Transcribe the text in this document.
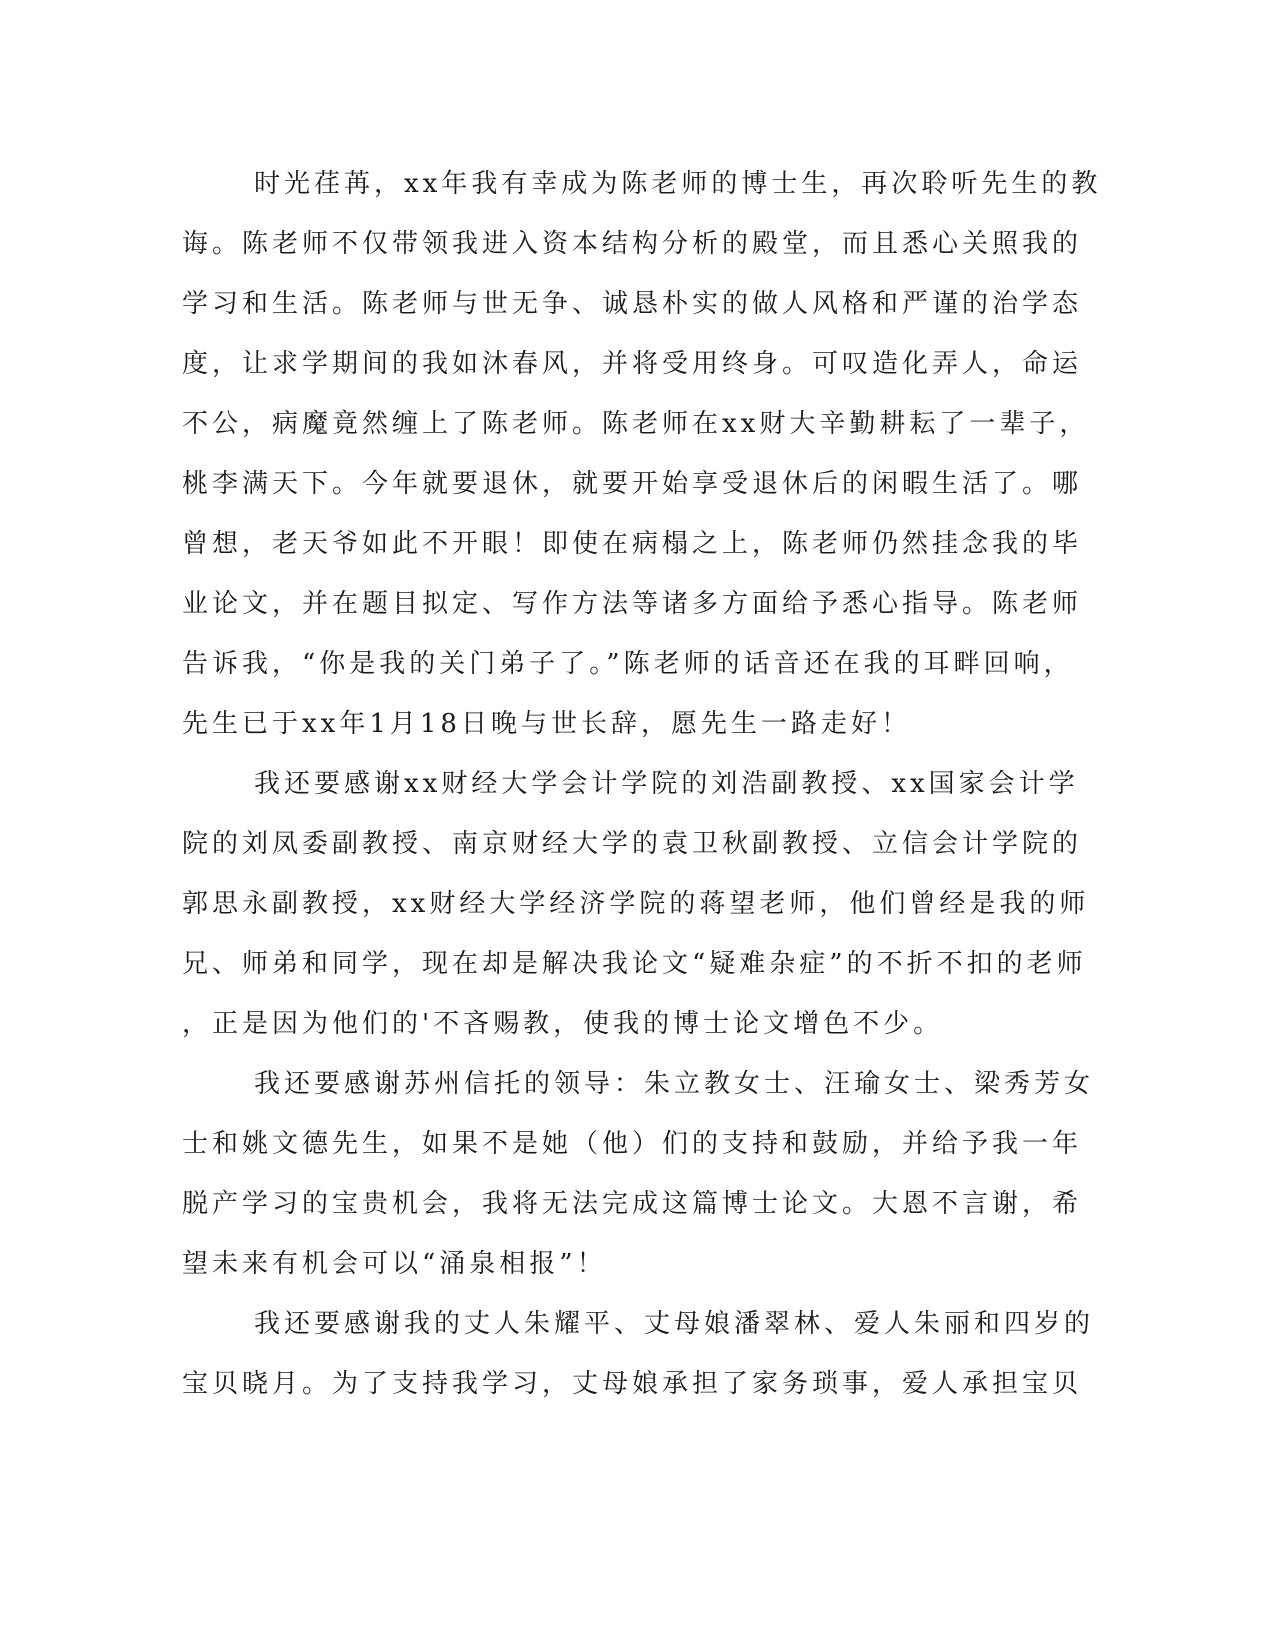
时光荏苒，xx年我有幸成为陈老师的博士生，再次聆听先生的教
诲。陈老师不仅带领我进入资本结构分析的殿堂，而且悉心关照我的
学习和生活。陈老师与世无争、诚恳朴实的做人风格和严谨的治学态
度，让求学期间的我如沐春风，并将受用终身。可叹造化弄人，命运
不公，病魔竟然缠上了陈老师。陈老师在xx财大辛勤耕耘了一辈子，
桃李满天下。今年就要退休，就要开始享受退休后的闲暇生活了。哪
曾想，老天爷如此不开眼！即使在病榻之上，陈老师仍然挂念我的毕
业论文，并在题目拟定、写作方法等诸多方面给予悉心指导。陈老师
告诉我，“你是我的关门弟子了。”陈老师的话音还在我的耳畔回响，
先生已于xx年1月18日晚与世长辞，愿先生一路走好！
我还要感谢xx财经大学会计学院的刘浩副教授、xx国家会计学
院的刘凤委副教授、南京财经大学的袁卫秋副教授、立信会计学院的
郭思永副教授，xx财经大学经济学院的蒋望老师，他们曾经是我的师
兄、师弟和同学，现在却是解决我论文“疑难杂症”的不折不扣的老师
，正是因为他们的'不吝赐教，使我的博士论文增色不少。
我还要感谢苏州信托的领导：朱立教女士、汪瑜女士、梁秀芳女
士和姚文德先生，如果不是她（他）们的支持和鼓励，并给予我一年
脱产学习的宝贵机会，我将无法完成这篇博士论文。大恩不言谢，希
望未来有机会可以“涌泉相报”！
我还要感谢我的丈人朱耀平、丈母娘潘翠林、爱人朱丽和四岁的
宝贝晓月。为了支持我学习，丈母娘承担了家务琐事，爱人承担宝贝
